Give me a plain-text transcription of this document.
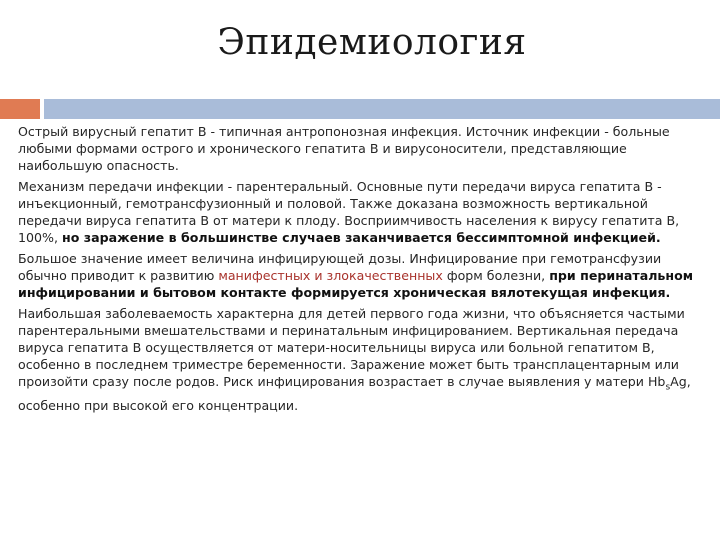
Эпидемиология

Острый вирусный гепатит В - типичная антропонозная инфекция. Источник инфекции - больные любыми формами острого и хронического гепатита В и вирусоносители, представляющие наибольшую опасность.

Механизм передачи инфекции - парентеральный. Основные пути передачи вируса гепатита В - инъекционный, гемотрансфузионный и половой. Также доказана возможность вертикальной передачи вируса гепатита В от матери к плоду. Восприимчивость населения к вирусу гепатита В, 100%, но заражение в большинстве случаев заканчивается бессимптомной инфекцией.

Большое значение имеет величина инфицирующей дозы. Инфицирование при гемотрансфузии обычно приводит к развитию манифестных и злокачественных форм болезни, при перинатальном инфицировании и бытовом контакте формируется хроническая вялотекущая инфекция.

Наибольшая заболеваемость характерна для детей первого года жизни, что объясняется частыми парентеральными вмешательствами и перинатальным инфицированием. Вертикальная передача вируса гепатита В осуществляется от матери-носительницы вируса или больной гепатитом В, особенно в последнем триместре беременности. Заражение может быть трансплацентарным или произойти сразу после родов. Риск инфицирования возрастает в случае выявления у матери $Hb_sAg$, особенно при высокой его концентрации.
